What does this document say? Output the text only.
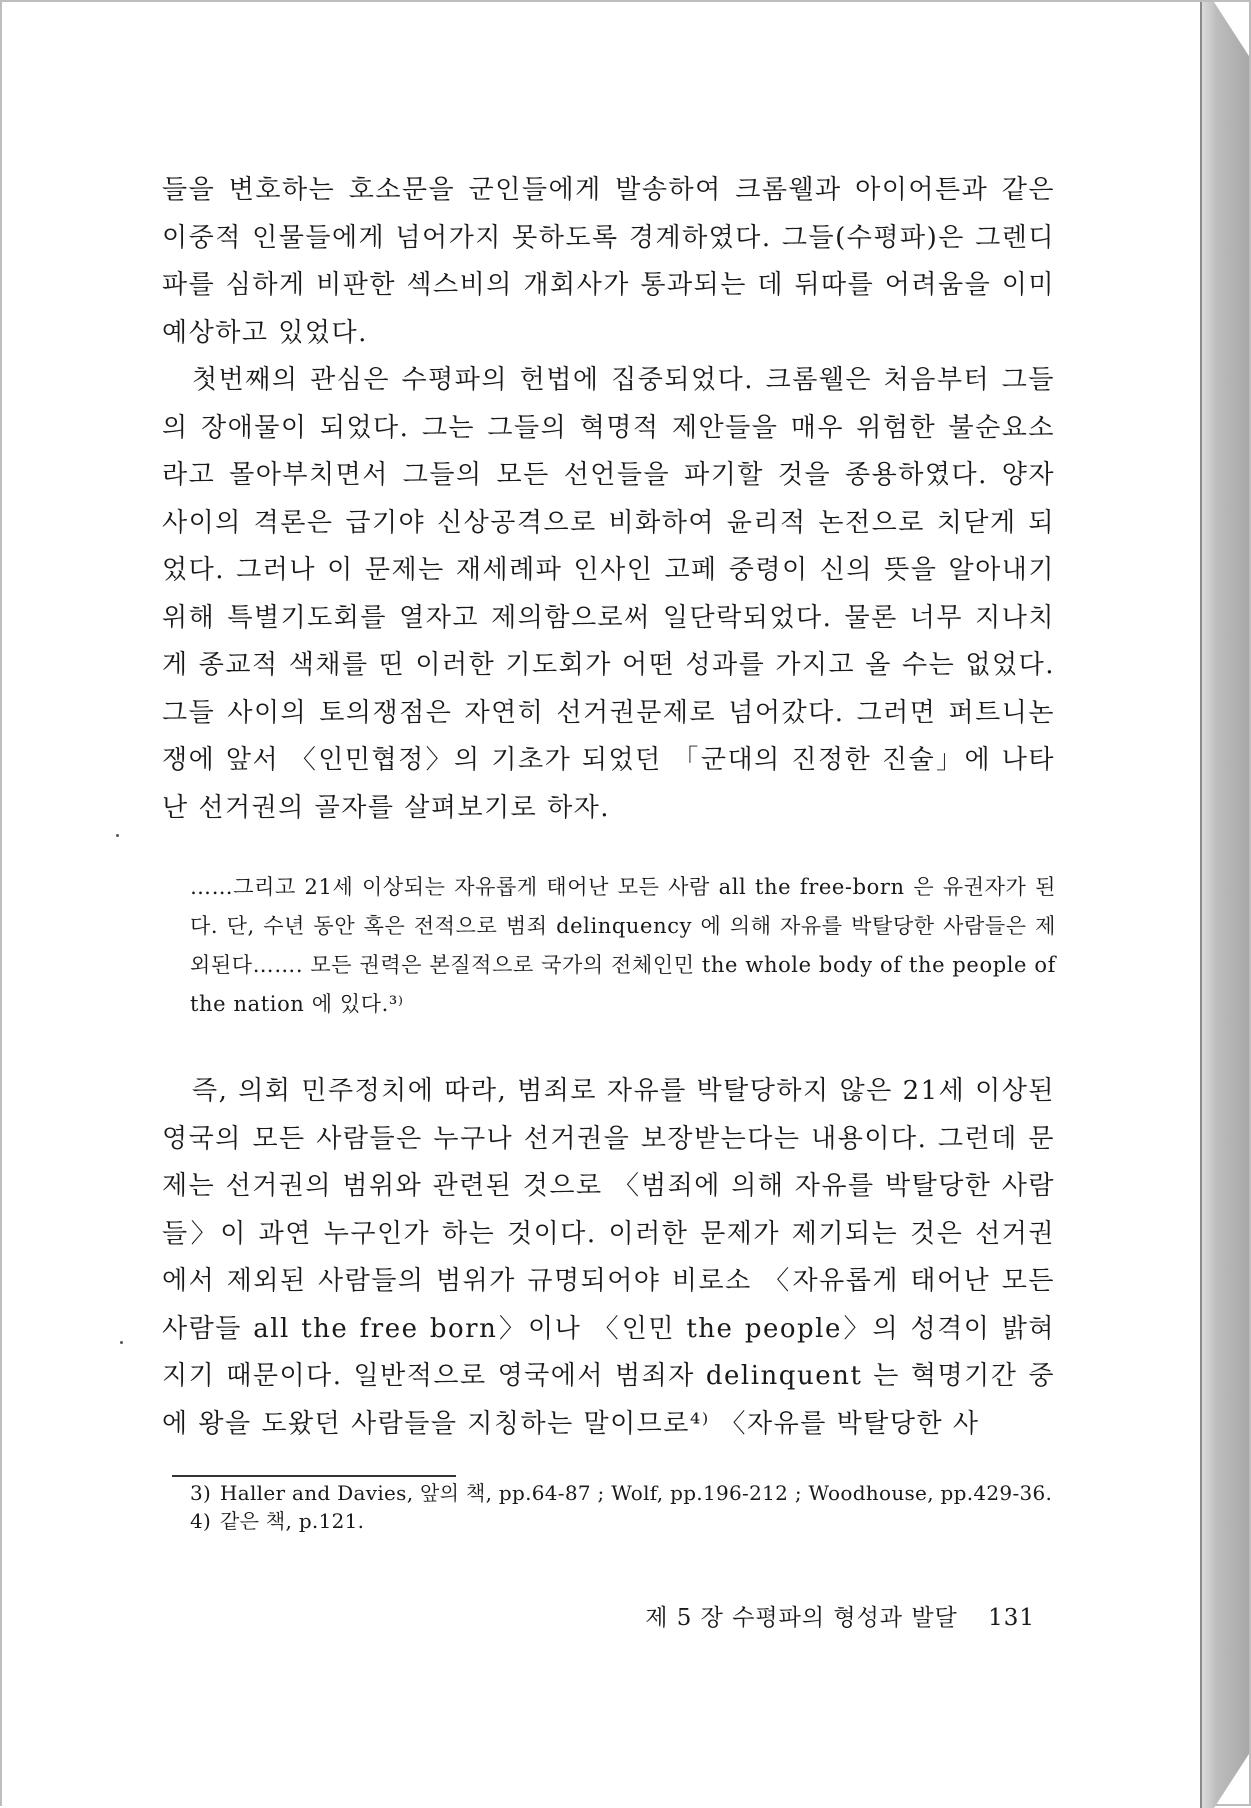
들을 변호하는 호소문을 군인들에게 발송하여 크롬웰과 아이어튼과 같은 이중적 인물들에게 넘어가지 못하도록 경계하였다. 그들(수평파)은 그렌디파를 심하게 비판한 섹스비의 개회사가 통과되는 데 뒤따를 어려움을 이미 예상하고 있었다.

첫번째의 관심은 수평파의 헌법에 집중되었다. 크롬웰은 처음부터 그들의 장애물이 되었다. 그는 그들의 혁명적 제안들을 매우 위험한 불순요소라고 몰아부치면서 그들의 모든 선언들을 파기할 것을 종용하였다. 양자 사이의 격론은 급기야 신상공격으로 비화하여 윤리적 논전으로 치닫게 되었다. 그러나 이 문제는 재세례파 인사인 고페 중령이 신의 뜻을 알아내기 위해 특별기도회를 열자고 제의함으로써 일단락되었다. 물론 너무 지나치게 종교적 색채를 띤 이러한 기도회가 어떤 성과를 가지고 올 수는 없었다. 그들 사이의 토의쟁점은 자연히 선거권문제로 넘어갔다. 그러면 퍼트니논쟁에 앞서 〈인민협정〉의 기초가 되었던 「군대의 진정한 진술」에 나타난 선거권의 골자를 살펴보기로 하자.

……그리고 21세 이상되는 자유롭게 태어난 모든 사람 all the free-born 은 유권자가 된다. 단, 수년 동안 혹은 전적으로 범죄 delinquency 에 의해 자유를 박탈당한 사람들은 제외된다……. 모든 권력은 본질적으로 국가의 전체인민 the whole body of the people of the nation 에 있다.³⁾

즉, 의회 민주정치에 따라, 범죄로 자유를 박탈당하지 않은 21세 이상된 영국의 모든 사람들은 누구나 선거권을 보장받는다는 내용이다. 그런데 문제는 선거권의 범위와 관련된 것으로 〈범죄에 의해 자유를 박탈당한 사람들〉이 과연 누구인가 하는 것이다. 이러한 문제가 제기되는 것은 선거권에서 제외된 사람들의 범위가 규명되어야 비로소 〈자유롭게 태어난 모든 사람들 all the free born〉이나 〈인민 the people〉의 성격이 밝혀지기 때문이다. 일반적으로 영국에서 범죄자 delinquent 는 혁명기간 중에 왕을 도왔던 사람들을 지칭하는 말이므로⁴⁾ 〈자유를 박탈당한 사

3) Haller and Davies, 앞의 책, pp.64-87 ; Wolf, pp.196-212 ; Woodhouse, pp.429-36.
4) 같은 책, p.121.
제 5 장 수평파의 형성과 발달 131
